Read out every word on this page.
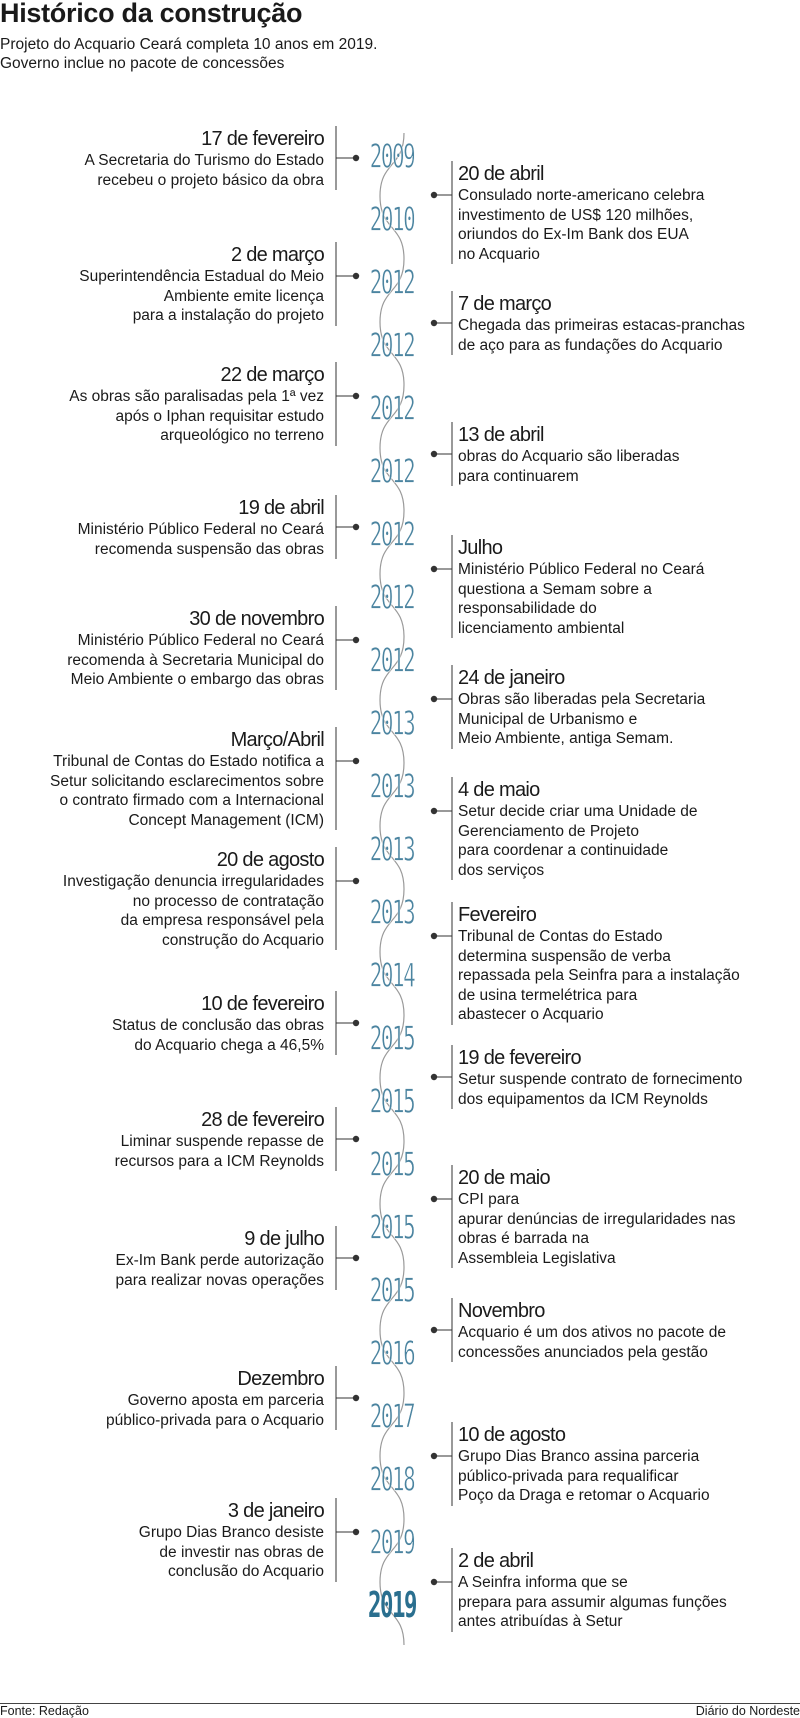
Histórico da construção
Projeto do Acquario Ceará completa 10 anos em 2019.
Governo inclue no pacote de concessões
2009
2010
2012
2012
2012
2012
2012
2012
2012
2013
2013
2013
2013
2014
2015
2015
2015
2015
2015
2016
2017
2018
2019
2019
17 de fevereiro
A Secretaria do Turismo do Estado
recebeu o projeto básico da obra	20 de abril
Consulado norte-americano celebra
investimento de US$ 120 milhões,
oriundos do Ex-Im Bank dos EUA
no Acquario
2 de março
Superintendência Estadual do Meio
Ambiente emite licença
para a instalação do projeto
7 de março
Chegada das primeiras estacas-pranchas
de aço para as fundações do Acquario
22 de março
As obras são paralisadas pela 1ª vez
após o Iphan requisitar estudo
arqueológico no terreno	13 de abril
obras do Acquario são liberadas
para continuarem
19 de abril
Ministério Público Federal no Ceará
recomenda suspensão das obras	Julho
Ministério Público Federal no Ceará
questiona a Semam sobre a
responsabilidade do
licenciamento ambiental
30 de novembro
Ministério Público Federal no Ceará
recomenda à Secretaria Municipal do
Meio Ambiente o embargo das obras	24 de janeiro
Obras são liberadas pela Secretaria
Municipal de Urbanismo e
Meio Ambiente, antiga Semam.
Março/Abril
Tribunal de Contas do Estado notifica a
Setur solicitando esclarecimentos sobre
o contrato firmado com a Internacional
Concept Management (ICM)
4 de maio
Setur decide criar uma Unidade de
Gerenciamento de Projeto
para coordenar a continuidade
dos serviços
20 de agosto
Investigação denuncia irregularidades
no processo de contratação
da empresa responsável pela
construção do Acquario
Fevereiro
Tribunal de Contas do Estado
determina suspensão de verba
repassada pela Seinfra para a instalação
de usina termelétrica para
abastecer o Acquario
10 de fevereiro
Status de conclusão das obras
do Acquario chega a 46,5%
19 de fevereiro
Setur suspende contrato de fornecimento
dos equipamentos da ICM Reynolds
28 de fevereiro
Liminar suspende repasse de
recursos para a ICM Reynolds
20 de maio
CPI para
apurar denúncias de irregularidades nas
obras é barrada na
Assembleia Legislativa
9 de julho
Ex-Im Bank perde autorização
para realizar novas operações
Novembro
Acquario é um dos ativos no pacote de
concessões anunciados pela gestão
Dezembro
Governo aposta em parceria
público-privada para o Acquario
10 de agosto
Grupo Dias Branco assina parceria
público-privada para requalificar
Poço da Draga e retomar o Acquario
3 de janeiro
Grupo Dias Branco desiste
de investir nas obras de
conclusão do Acquario	2 de abril
A Seinfra informa que se
prepara para assumir algumas funções
antes atribuídas à Setur
Fonte: Redação	Diário do Nordeste
